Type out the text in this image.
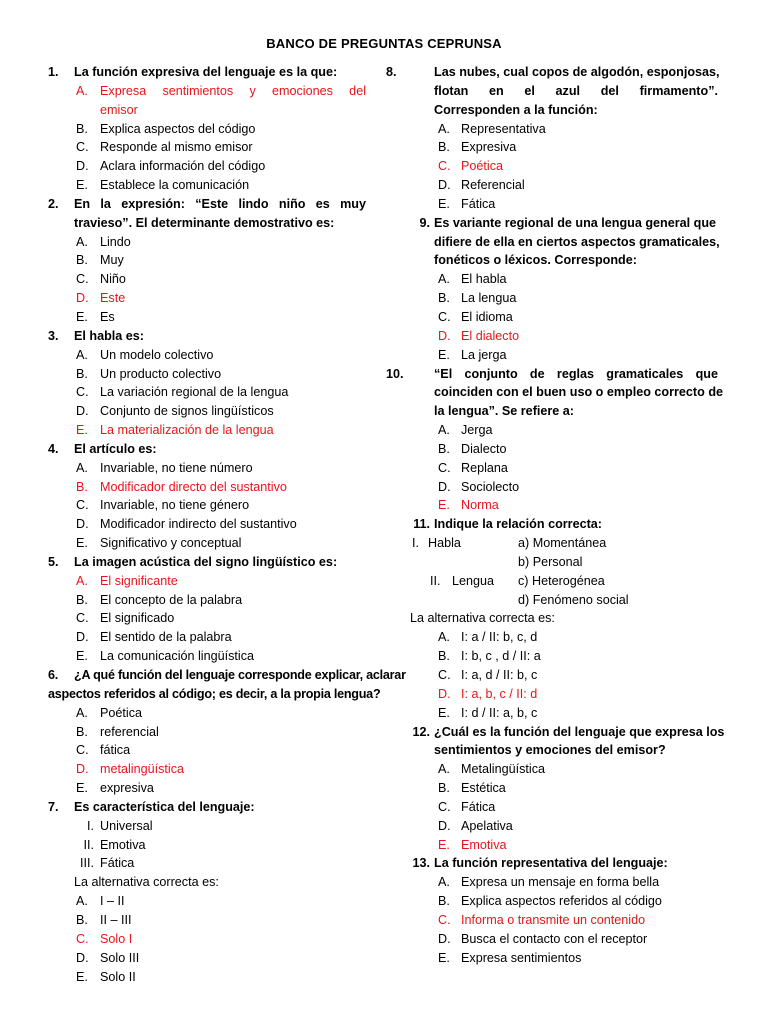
BANCO DE PREGUNTAS CEPRUNSA
1. La función expresiva del lenguaje es la que:
A. Expresa sentimientos y emociones del
emisor
B. Explica aspectos del código
C. Responde al mismo emisor
D. Aclara información del código
E. Establece la comunicación
2. En la expresión: “Este lindo niño es muy
travieso”. El determinante demostrativo es:
A. Lindo
B. Muy
C. Niño
D. Este
E. Es
3. El habla es:
A. Un modelo colectivo
B. Un producto colectivo
C. La variación regional de la lengua
D. Conjunto de signos lingüísticos
E. La materialización de la lengua
4. El artículo es:
A. Invariable, no tiene número
B. Modificador directo del sustantivo
C. Invariable, no tiene género
D. Modificador indirecto del sustantivo
E. Significativo y conceptual
5. La imagen acústica del signo lingüístico es:
A. El significante
B. El concepto de la palabra
C. El significado
D. El sentido de la palabra
E. La comunicación lingüística
6. ¿A qué función del lenguaje corresponde explicar, aclarar
aspectos referidos al código; es decir, a la propia lengua?
A. Poética
B. referencial
C. fática
D. metalingüística
E. expresiva
7. Es característica del lenguaje:
I. Universal
II. Emotiva
III. Fática
La alternativa correcta es:
A. I – II
B. II – III
C. Solo I
D. Solo III
E. Solo II
8.	Las nubes, cual copos de algodón, esponjosas,
flotan en el azul del firmamento”.
Corresponden a la función:
A. Representativa
B. Expresiva
C. Poética
D. Referencial
E. Fática
9. Es variante regional de una lengua general que
difiere de ella en ciertos aspectos gramaticales,
fonéticos o léxicos. Corresponde:
A. El habla
B. La lengua
C. El idioma
D. El dialecto
E. La jerga
10.	“El conjunto de reglas gramaticales que
coinciden con el buen uso o empleo correcto de
la lengua”. Se refiere a:
A. Jerga
B. Dialecto
C. Replana
D. Sociolecto
E. Norma
11. Indique la relación correcta:
I. Habla	a) Momentánea
b) Personal
II. Lengua c) Heterogénea
d) Fenómeno social
La alternativa correcta es:
A. I: a / II: b, c, d
B. I: b, c , d / II: a
C. I: a, d / II: b, c
D. I: a, b, c / II: d
E. I: d / II: a, b, c
12. ¿Cuál es la función del lenguaje que expresa los
sentimientos y emociones del emisor?
A. Metalingüística
B. Estética
C. Fática
D. Apelativa
E. Emotiva
13. La función representativa del lenguaje:
A. Expresa un mensaje en forma bella
B. Explica aspectos referidos al código
C. Informa o transmite un contenido
D. Busca el contacto con el receptor
E. Expresa sentimientos
